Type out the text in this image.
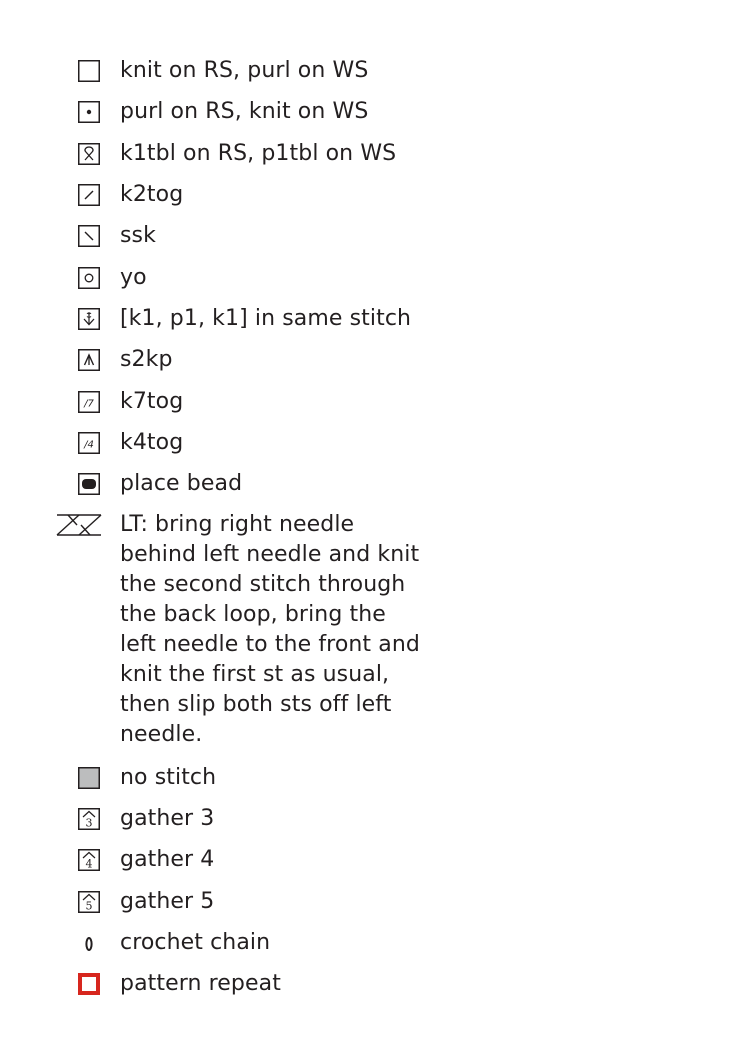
knit on RS, purl on WS
purl on RS, knit on WS
k1tbl on RS, p1tbl on WS
k2tog
ssk
yo
[k1, p1, k1] in same stitch
s2kp
/7 k7tog
/4 k4tog
place bead
LT: bring right needle behind left needle and knit the second stitch through the back loop, bring the left needle to the front and knit the first st as usual, then slip both sts off left needle.
no stitch
3 gather 3
4 gather 4
5 gather 5
crochet chain
pattern repeat
